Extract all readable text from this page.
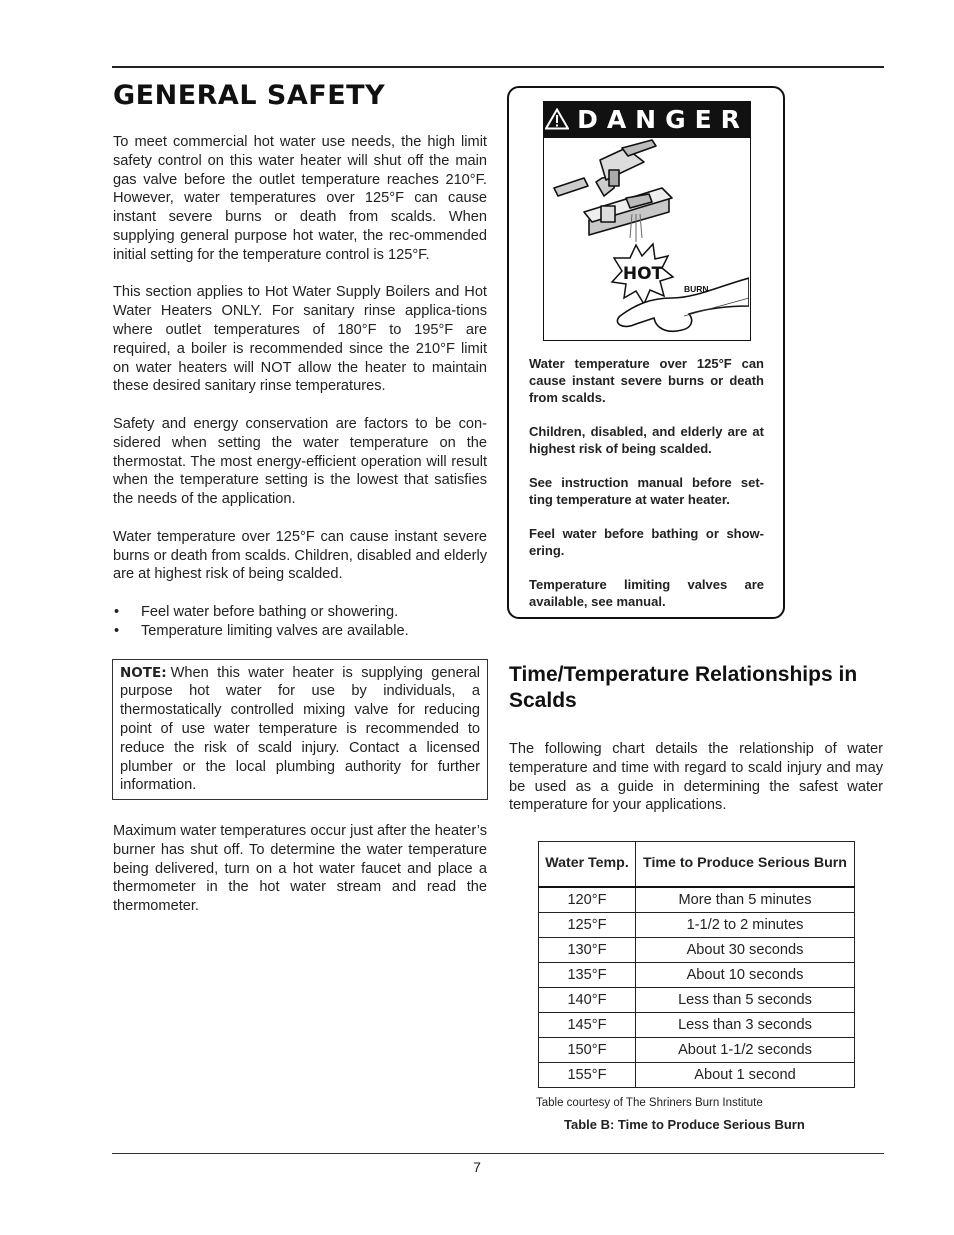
GENERAL SAFETY

To meet commercial hot water use needs, the high limit safety control on this water heater will shut off the main gas valve before the outlet temperature reaches 210°F. However, water temperatures over 125°F can cause instant severe burns or death from scalds. When supplying general purpose hot water, the rec-ommended initial setting for the temperature control is 125°F.

This section applies to Hot Water Supply Boilers and Hot Water Heaters ONLY. For sanitary rinse applica-tions where outlet temperatures of 180°F to 195°F are required, a boiler is recommended since the 210°F limit on water heaters will NOT allow the heater to maintain these desired sanitary rinse temperatures.

Safety and energy conservation are factors to be con-sidered when setting the water temperature on the thermostat. The most energy-efficient operation will result when the temperature setting is the lowest that satisfies the needs of the application.

Water temperature over 125°F can cause instant severe burns or death from scalds. Children, disabled and elderly are at highest risk of being scalded.

• Feel water before bathing or showering.
• Temperature limiting valves are available.
NOTE: When this water heater is supplying general purpose hot water for use by individuals, a thermostatically controlled mixing valve for reducing point of use water temperature is recommended to reduce the risk of scald injury. Contact a licensed plumber or the local plumbing authority for further information.

Maximum water temperatures occur just after the heater’s burner has shut off. To determine the water temperature being delivered, turn on a hot water faucet and place a thermometer in the hot water stream and read the thermometer.

DANGER
HOT
BURN

Water temperature over 125°F can cause instant severe burns or death from scalds.

Children, disabled, and elderly are at highest risk of being scalded.

See instruction manual before set-ting temperature at water heater.

Feel water before bathing or show-ering.

Temperature limiting valves are available, see manual.

Time/Temperature Relationships in Scalds

The following chart details the relationship of water temperature and time with regard to scald injury and may be used as a guide in determining the safest water temperature for your applications.

Water Temp.	Time to Produce Serious Burn
120°F	More than 5 minutes
125°F	1-1/2 to 2 minutes
130°F	About 30 seconds
135°F	About 10 seconds
140°F	Less than 5 seconds
145°F	Less than 3 seconds
150°F	About 1-1/2 seconds
155°F	About 1 second
Table courtesy of The Shriners Burn Institute
Table B: Time to Produce Serious Burn
7
